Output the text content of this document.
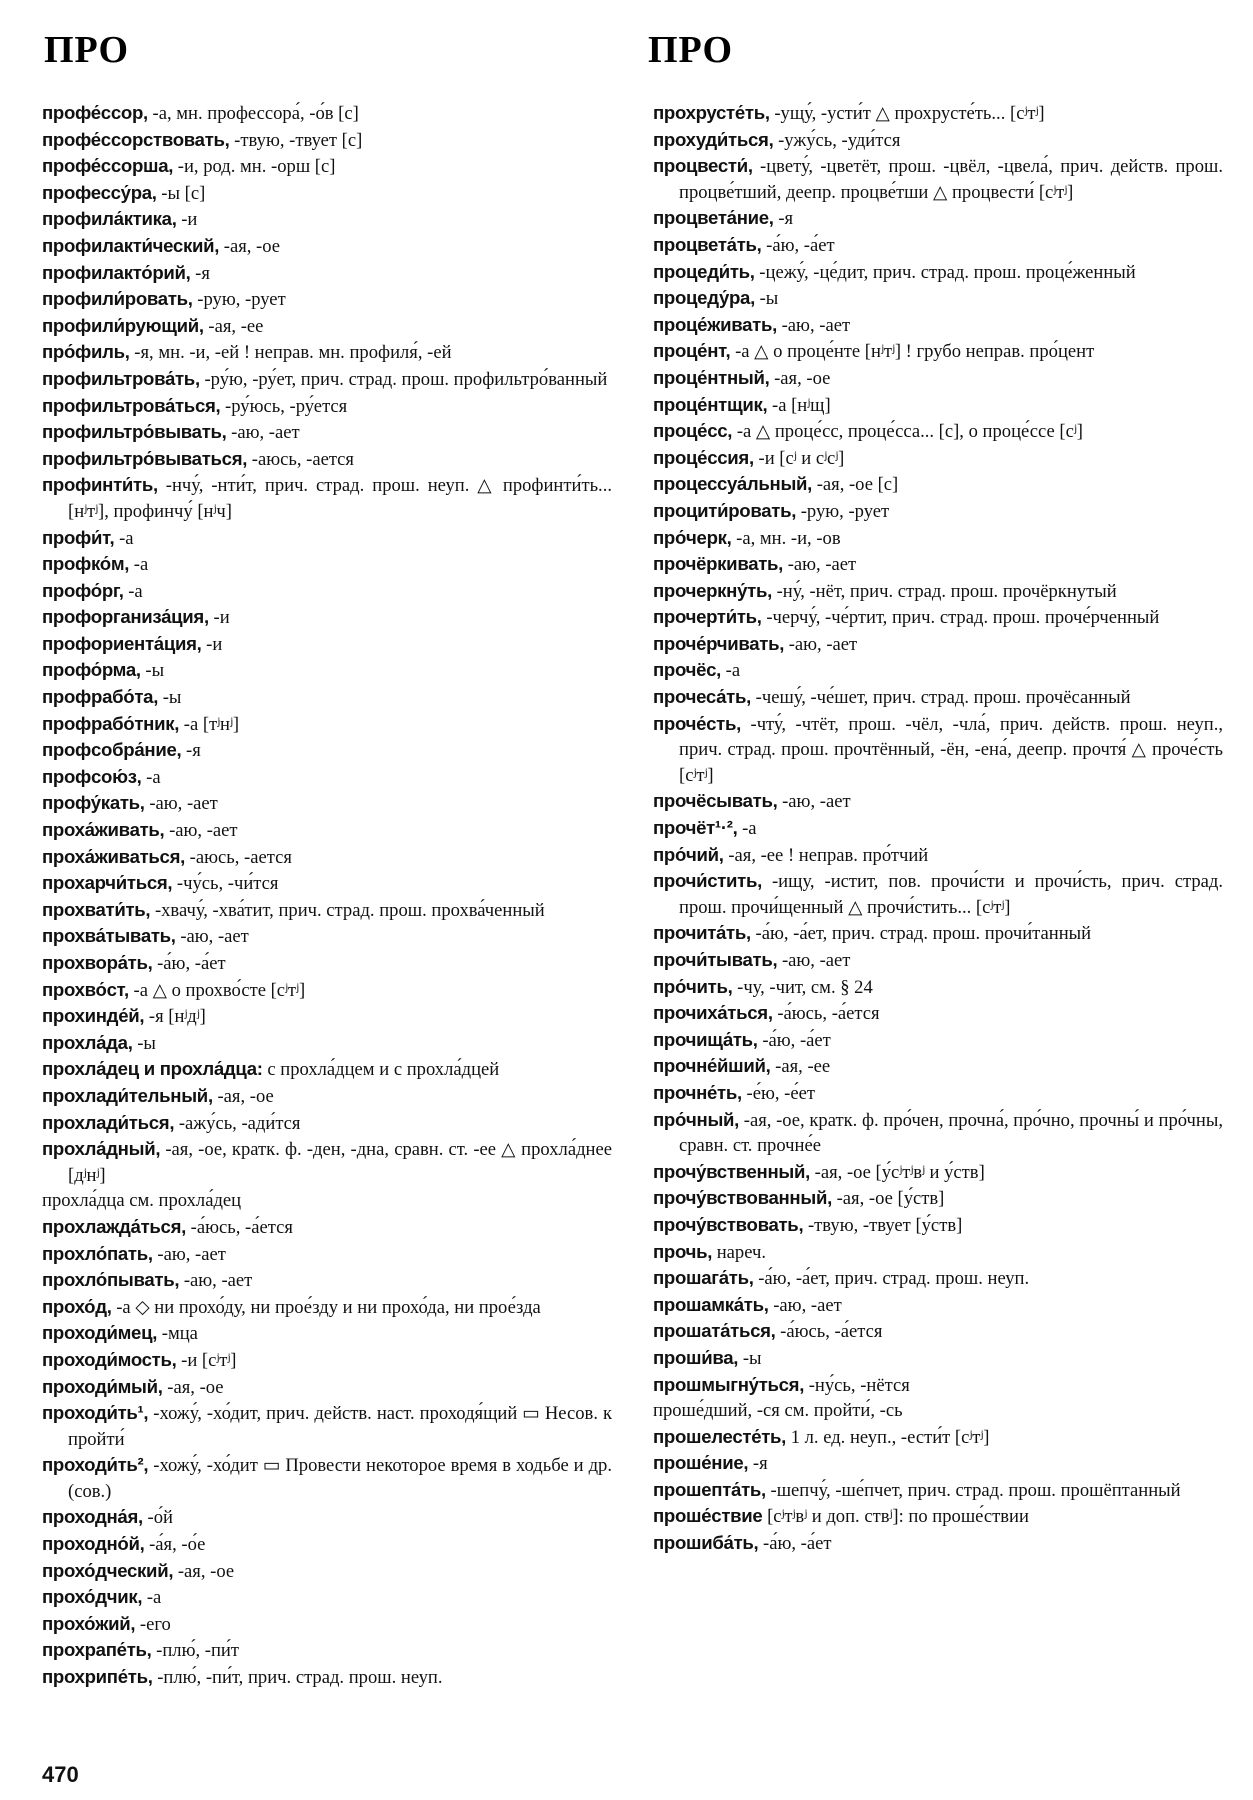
ПРО	ПРО
профе́ссор, -а, мн. профессора́, -о́в [с]
профе́ссорствовать, -твую, -твует [с]
профе́ссорша, -и, род. мн. -орш [с]
профессу́ра, -ы [с]
профила́ктика, -и
профилакти́ческий, -ая, -ое
профилакто́рий, -я
профили́ровать, -рую, -рует
профили́рующий, -ая, -ее
про́филь, -я, мн. -и, -ей ! неправ. мн. профиля́, -ей
профильтрова́ть, -ру́ю, -ру́ет, прич. страд. прош. профильтро́ванный
профильтрова́ться, -ру́юсь, -ру́ется
профильтро́вывать, -аю, -ает
профильтро́вываться, -аюсь, -ается
профинти́ть, -нчу́, -нти́т, прич. страд. прош. неуп. △ профинти́ть... [нʲтʲ], профинчу́ [нʲч]
профи́т, -а
профко́м, -а
профо́рг, -а
профорганиза́ция, -и
профориента́ция, -и
профо́рма, -ы
профрабо́та, -ы
профрабо́тник, -а [тʲнʲ]
профсобра́ние, -я
профсою́з, -а
профу́кать, -аю, -ает
проха́живать, -аю, -ает
проха́живаться, -аюсь, -ается
прохарчи́ться, -чу́сь, -чи́тся
прохвати́ть, -хвачу́, -хва́тит, прич. страд. прош. прохва́ченный
прохва́тывать, -аю, -ает
прохвора́ть, -а́ю, -а́ет
прохво́ст, -а △ о прохво́сте [сʲтʲ]
прохинде́й, -я [нʲдʲ]
прохла́да, -ы
прохла́дец и прохла́дца: с прохла́дцем и с прохла́дцей
прохлади́тельный, -ая, -ое
прохлади́ться, -ажу́сь, -ади́тся
прохла́дный, -ая, -ое, кратк. ф. -ден, -дна, сравн. ст. -ее △ прохла́днее [дʲнʲ]
прохла́дца см. прохла́дец
прохлажда́ться, -а́юсь, -а́ется
прохло́пать, -аю, -ает
прохло́пывать, -аю, -ает
прохо́д, -а ◇ ни прохо́ду, ни прое́зду и ни прохо́да, ни прое́зда
проходи́мец, -мца
проходи́мость, -и [сʲтʲ]
проходи́мый, -ая, -ое
проходи́ть¹, -хожу́, -хо́дит, прич. действ. наст. проходя́щий ▭ Несов. к пройти́
проходи́ть², -хожу́, -хо́дит ▭ Провести некоторое время в ходьбе и др. (сов.)
проходна́я, -о́й
проходно́й, -а́я, -о́е
прохо́дческий, -ая, -ое
прохо́дчик, -а
прохо́жий, -его
прохрапе́ть, -плю́, -пи́т
прохрипе́ть, -плю́, -пи́т, прич. страд. прош. неуп.
прохрусте́ть, -ущу́, -усти́т △ прохрусте́ть... [сʲтʲ]
прохуди́ться, -ужу́сь, -уди́тся
процвести́, -цвету́, -цветёт, прош. -цвёл, -цвела́, прич. действ. прош. процве́тший, деепр. процве́тши △ процвести́ [сʲтʲ]
процвета́ние, -я
процвета́ть, -а́ю, -а́ет
процеди́ть, -цежу́, -це́дит, прич. страд. прош. проце́женный
процеду́ра, -ы
проце́живать, -аю, -ает
проце́нт, -а △ о проце́нте [нʲтʲ] ! грубо неправ. про́цент
проце́нтный, -ая, -ое
проце́нтщик, -а [нʲщ]
проце́сс, -а △ проце́сс, проце́сса... [с], о проце́ссе [сʲ]
проце́ссия, -и [сʲ и сʲсʲ]
процессуа́льный, -ая, -ое [с]
процити́ровать, -рую, -рует
про́черк, -а, мн. -и, -ов
прочёркивать, -аю, -ает
прочеркну́ть, -ну́, -нёт, прич. страд. прош. прочёркнутый
прочерти́ть, -черчу́, -че́ртит, прич. страд. прош. проче́рченный
проче́рчивать, -аю, -ает
прочёс, -а
прочеса́ть, -чешу́, -че́шет, прич. страд. прош. прочёсанный
проче́сть, -чту́, -чтёт, прош. -чёл, -чла́, прич. действ. прош. неуп., прич. страд. прош. прочтённый, -ён, -ена́, деепр. прочтя́ △ проче́сть [сʲтʲ]
прочёсывать, -аю, -ает
прочёт¹·², -а
про́чий, -ая, -ее ! неправ. про́тчий
прочи́стить, -ищу, -истит, пов. прочи́сти и прочи́сть, прич. страд. прош. прочи́щенный △ прочи́стить... [сʲтʲ]
прочита́ть, -а́ю, -а́ет, прич. страд. прош. прочи́танный
прочи́тывать, -аю, -ает
про́чить, -чу, -чит, см. § 24
прочиха́ться, -а́юсь, -а́ется
прочища́ть, -а́ю, -а́ет
прочне́йший, -ая, -ее
прочне́ть, -е́ю, -е́ет
про́чный, -ая, -ое, кратк. ф. про́чен, прочна́, про́чно, прочны́ и про́чны, сравн. ст. прочне́е
прочу́вственный, -ая, -ое [у́сʲтʲвʲ и у́ств]
прочу́вствованный, -ая, -ое [у́ств]
прочу́вствовать, -твую, -твует [у́ств]
прочь, нареч.
прошага́ть, -а́ю, -а́ет, прич. страд. прош. неуп.
прошамка́ть, -аю, -ает
прошата́ться, -а́юсь, -а́ется
проши́ва, -ы
прошмыгну́ться, -ну́сь, -нётся
проше́дший, -ся см. пройти́, -сь
прошелесте́ть, 1 л. ед. неуп., -ести́т [сʲтʲ]
проше́ние, -я
прошепта́ть, -шепчу́, -ше́пчет, прич. страд. прош. прошёптанный
проше́ствие [сʲтʲвʲ и доп. ствʲ]: по проше́ствии
прошиба́ть, -а́ю, -а́ет
470
